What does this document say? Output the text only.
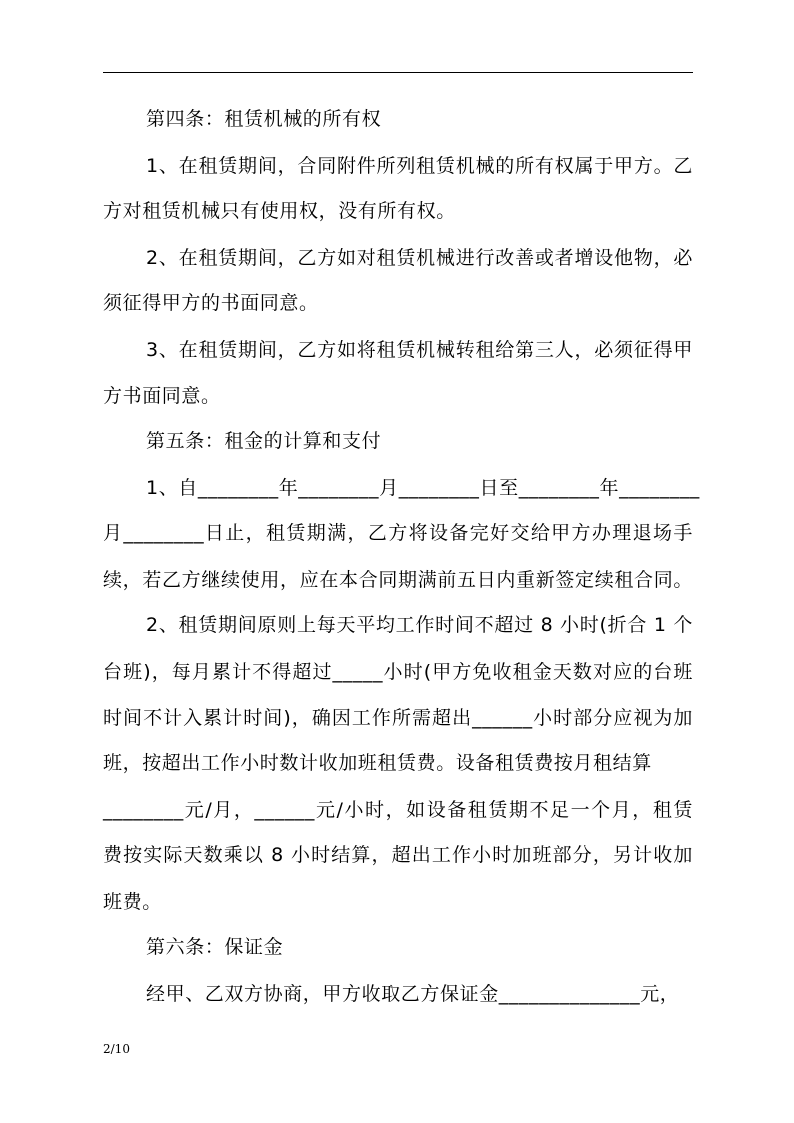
第四条：租赁机械的所有权
1、在租赁期间，合同附件所列租赁机械的所有权属于甲方。乙
方对租赁机械只有使用权，没有所有权。
2、在租赁期间，乙方如对租赁机械进行改善或者增设他物，必
须征得甲方的书面同意。
3、在租赁期间，乙方如将租赁机械转租给第三人，必须征得甲
方书面同意。
第五条：租金的计算和支付
1、自________年________月________日至________年________
月________日止，租赁期满，乙方将设备完好交给甲方办理退场手
续，若乙方继续使用，应在本合同期满前五日内重新签定续租合同。
2、租赁期间原则上每天平均工作时间不超过 8 小时(折合 1 个
台班)，每月累计不得超过_____小时(甲方免收租金天数对应的台班
时间不计入累计时间)，确因工作所需超出______小时部分应视为加
班，按超出工作小时数计收加班租赁费。设备租赁费按月租结算
________元/月，______元/小时，如设备租赁期不足一个月，租赁
费按实际天数乘以 8 小时结算，超出工作小时加班部分，另计收加
班费。
第六条：保证金
经甲、乙双方协商，甲方收取乙方保证金______________元，
2/10
